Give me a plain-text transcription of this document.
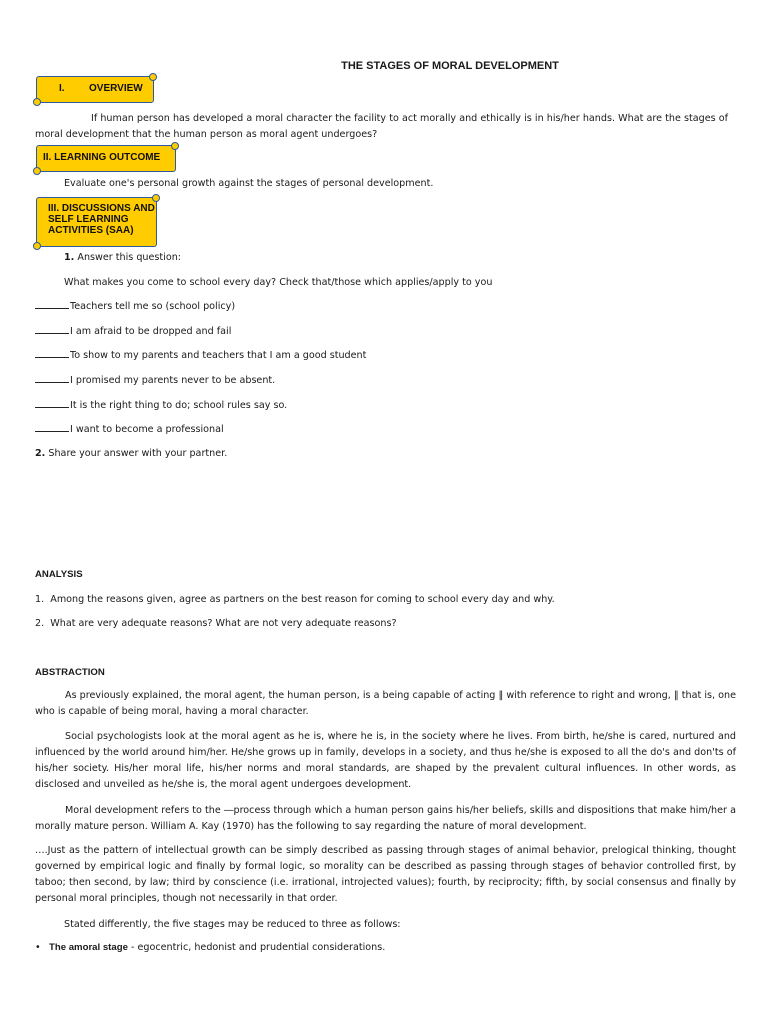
THE STAGES OF MORAL DEVELOPMENT
I. OVERVIEW
If human person has developed a moral character the facility to act morally and ethically is in his/her hands. What are the stages of moral development that the human person as moral agent undergoes?
II. LEARNING OUTCOME
Evaluate one's personal growth against the stages of personal development.
III. DISCUSSIONS AND
SELF LEARNING
ACTIVITIES (SAA)
1. Answer this question:
What makes you come to school every day? Check that/those which applies/apply to you
Teachers tell me so (school policy)
I am afraid to be dropped and fail
To show to my parents and teachers that I am a good student
I promised my parents never to be absent.
It is the right thing to do; school rules say so.
I want to become a professional
2. Share your answer with your partner.
ANALYSIS
1.  Among the reasons given, agree as partners on the best reason for coming to school every day and why.
2.  What are very adequate reasons? What are not very adequate reasons?
ABSTRACTION
As previously explained, the moral agent, the human person, is a being capable of acting ‖ with reference to right and wrong, ‖ that is, one who is capable of being moral, having a moral character.
Social psychologists look at the moral agent as he is, where he is, in the society where he lives. From birth, he/she is cared, nurtured and influenced by the world around him/her. He/she grows up in family, develops in a society, and thus he/she is exposed to all the do's and don'ts of his/her society. His/her moral life, his/her norms and moral standards, are shaped by the prevalent cultural influences. In other words, as disclosed and unveiled as he/she is, the moral agent undergoes development.
Moral development refers to the ―process through which a human person gains his/her beliefs, skills and dispositions that make him/her a morally mature person. William A. Kay (1970) has the following to say regarding the nature of moral development.
….Just as the pattern of intellectual growth can be simply described as passing through stages of animal behavior, prelogical thinking, thought governed by empirical logic and finally by formal logic, so morality can be described as passing through stages of behavior controlled first, by taboo; then second, by law; third by conscience (i.e. irrational, introjected values); fourth, by reciprocity; fifth, by social consensus and finally by personal moral principles, though not necessarily in that order.
Stated differently, the five stages may be reduced to three as follows:
• The amoral stage - egocentric, hedonist and prudential considerations.
